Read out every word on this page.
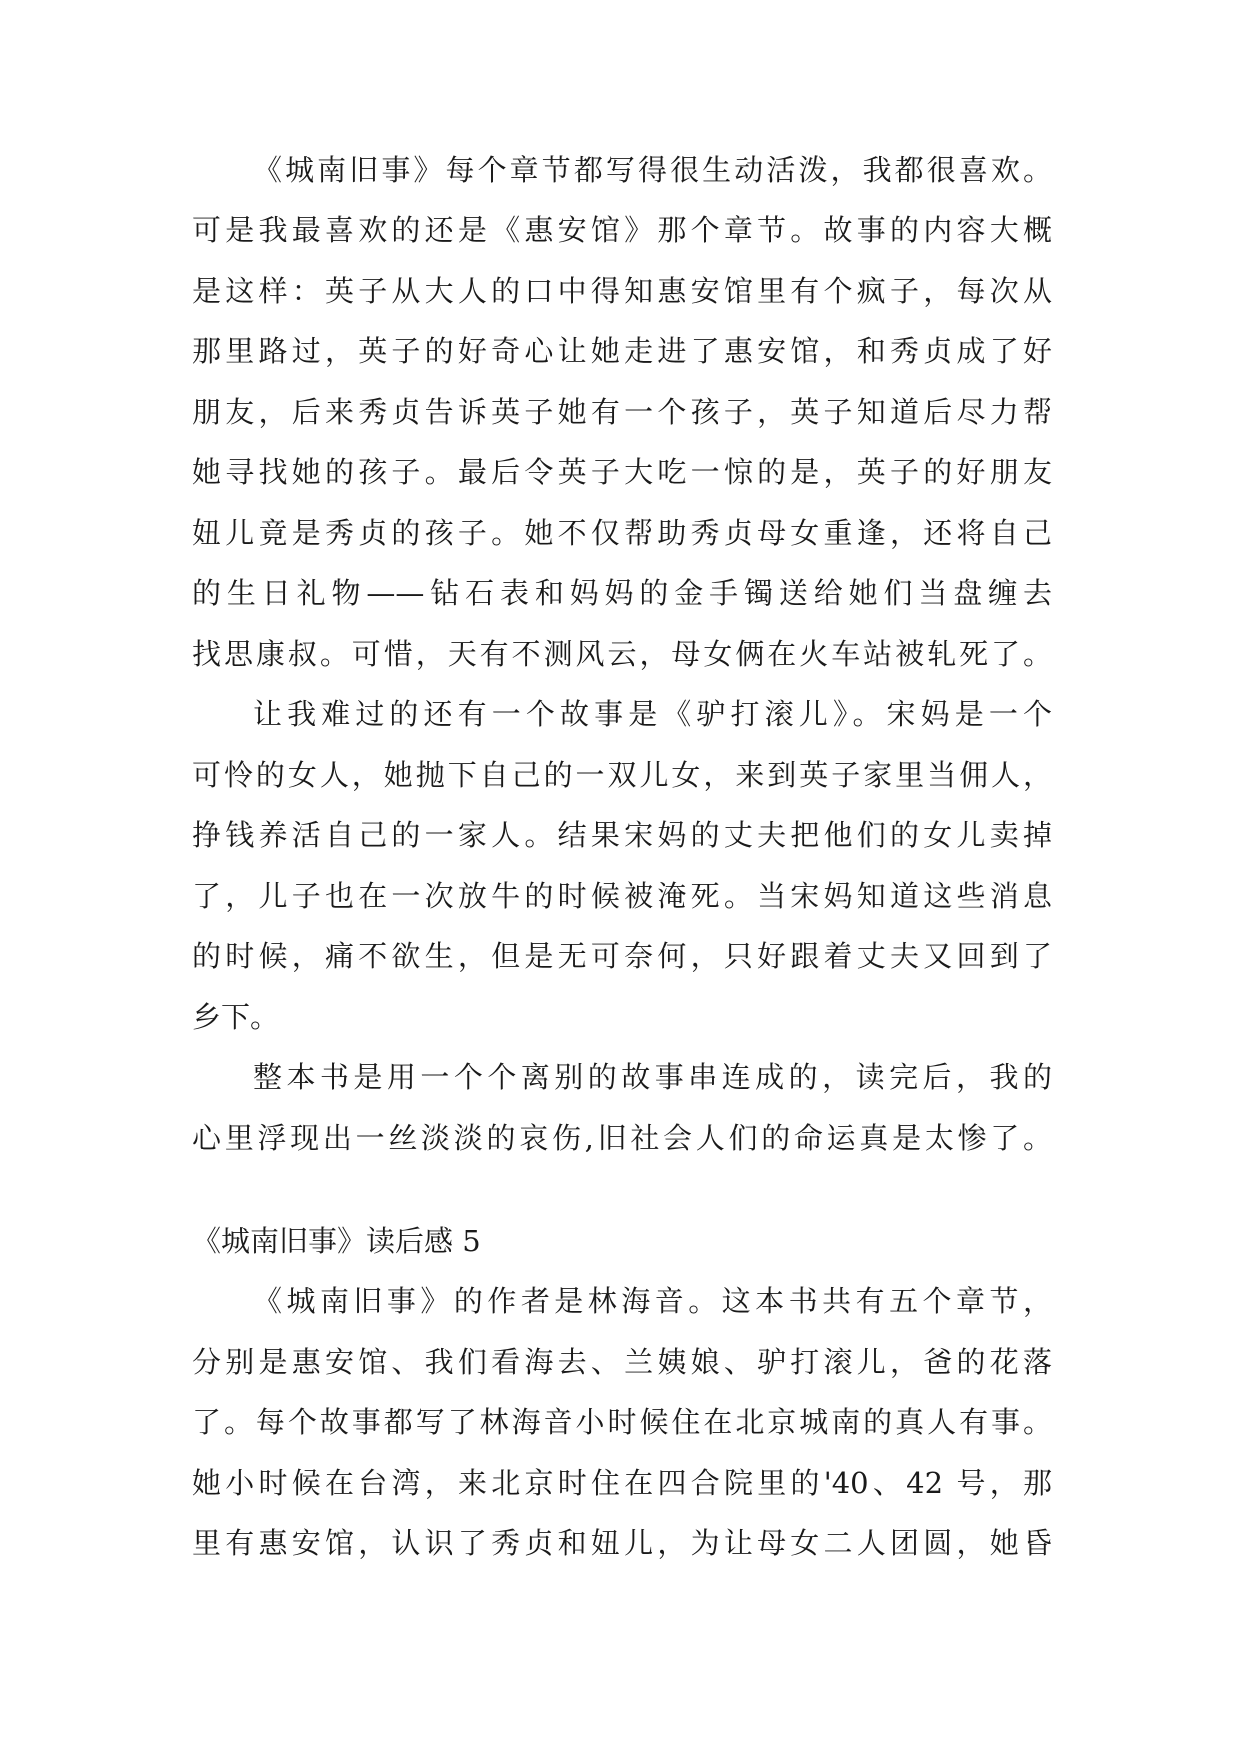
《城南旧事》每个章节都写得很生动活泼，我都很喜欢。
可是我最喜欢的还是《惠安馆》那个章节。故事的内容大概
是这样：英子从大人的口中得知惠安馆里有个疯子，每次从
那里路过，英子的好奇心让她走进了惠安馆，和秀贞成了好
朋友，后来秀贞告诉英子她有一个孩子，英子知道后尽力帮
她寻找她的孩子。最后令英子大吃一惊的是，英子的好朋友
妞儿竟是秀贞的孩子。她不仅帮助秀贞母女重逢，还将自己
的生日礼物——钻石表和妈妈的金手镯送给她们当盘缠去
找思康叔。可惜，天有不测风云，母女俩在火车站被轧死了。
让我难过的还有一个故事是《驴打滚儿》。宋妈是一个
可怜的女人，她抛下自己的一双儿女，来到英子家里当佣人，
挣钱养活自己的一家人。结果宋妈的丈夫把他们的女儿卖掉
了，儿子也在一次放牛的时候被淹死。当宋妈知道这些消息
的时候，痛不欲生，但是无可奈何，只好跟着丈夫又回到了
乡下。
整本书是用一个个离别的故事串连成的，读完后，我的
心里浮现出一丝淡淡的哀伤,旧社会人们的命运真是太惨了。
《城南旧事》读后感 5
《城南旧事》的作者是林海音。这本书共有五个章节，
分别是惠安馆、我们看海去、兰姨娘、驴打滚儿，爸的花落
了。每个故事都写了林海音小时候住在北京城南的真人有事。
她小时候在台湾，来北京时住在四合院里的'40、42 号，那
里有惠安馆，认识了秀贞和妞儿，为让母女二人团圆，她昏
